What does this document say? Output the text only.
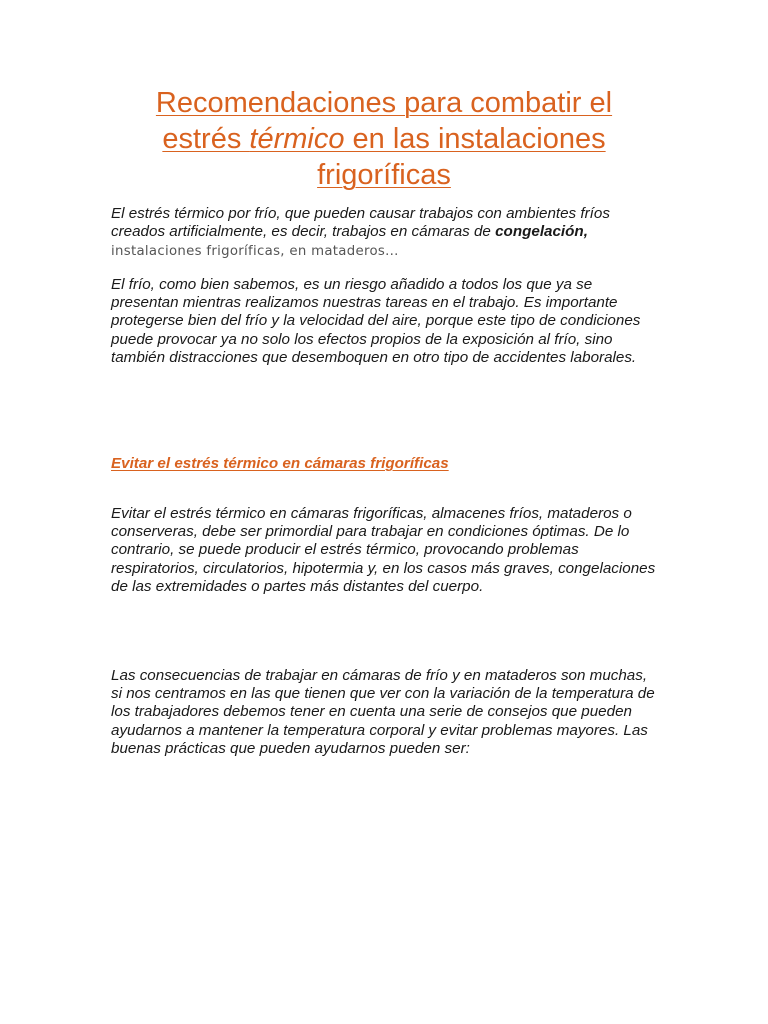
Recomendaciones para combatir el
estrés térmico en las instalaciones
frigoríficas

El estrés térmico por frío, que pueden causar trabajos con ambientes fríos creados artificialmente, es decir, trabajos en cámaras de congelación, instalaciones frigoríficas, en mataderos...

El frío, como bien sabemos, es un riesgo añadido a todos los que ya se presentan mientras realizamos nuestras tareas en el trabajo. Es importante protegerse bien del frío y la velocidad del aire, porque este tipo de condiciones puede provocar ya no solo los efectos propios de la exposición al frío, sino también distracciones que desemboquen en otro tipo de accidentes laborales.

Evitar el estrés térmico en cámaras frigoríficas

Evitar el estrés térmico en cámaras frigoríficas, almacenes fríos, mataderos o conserveras, debe ser primordial para trabajar en condiciones óptimas. De lo contrario, se puede producir el estrés térmico, provocando problemas respiratorios, circulatorios, hipotermia y, en los casos más graves, congelaciones de las extremidades o partes más distantes del cuerpo.

Las consecuencias de trabajar en cámaras de frío y en mataderos son muchas, si nos centramos en las que tienen que ver con la variación de la temperatura de los trabajadores debemos tener en cuenta una serie de consejos que pueden ayudarnos a mantener la temperatura corporal y evitar problemas mayores. Las buenas prácticas que pueden ayudarnos pueden ser:
